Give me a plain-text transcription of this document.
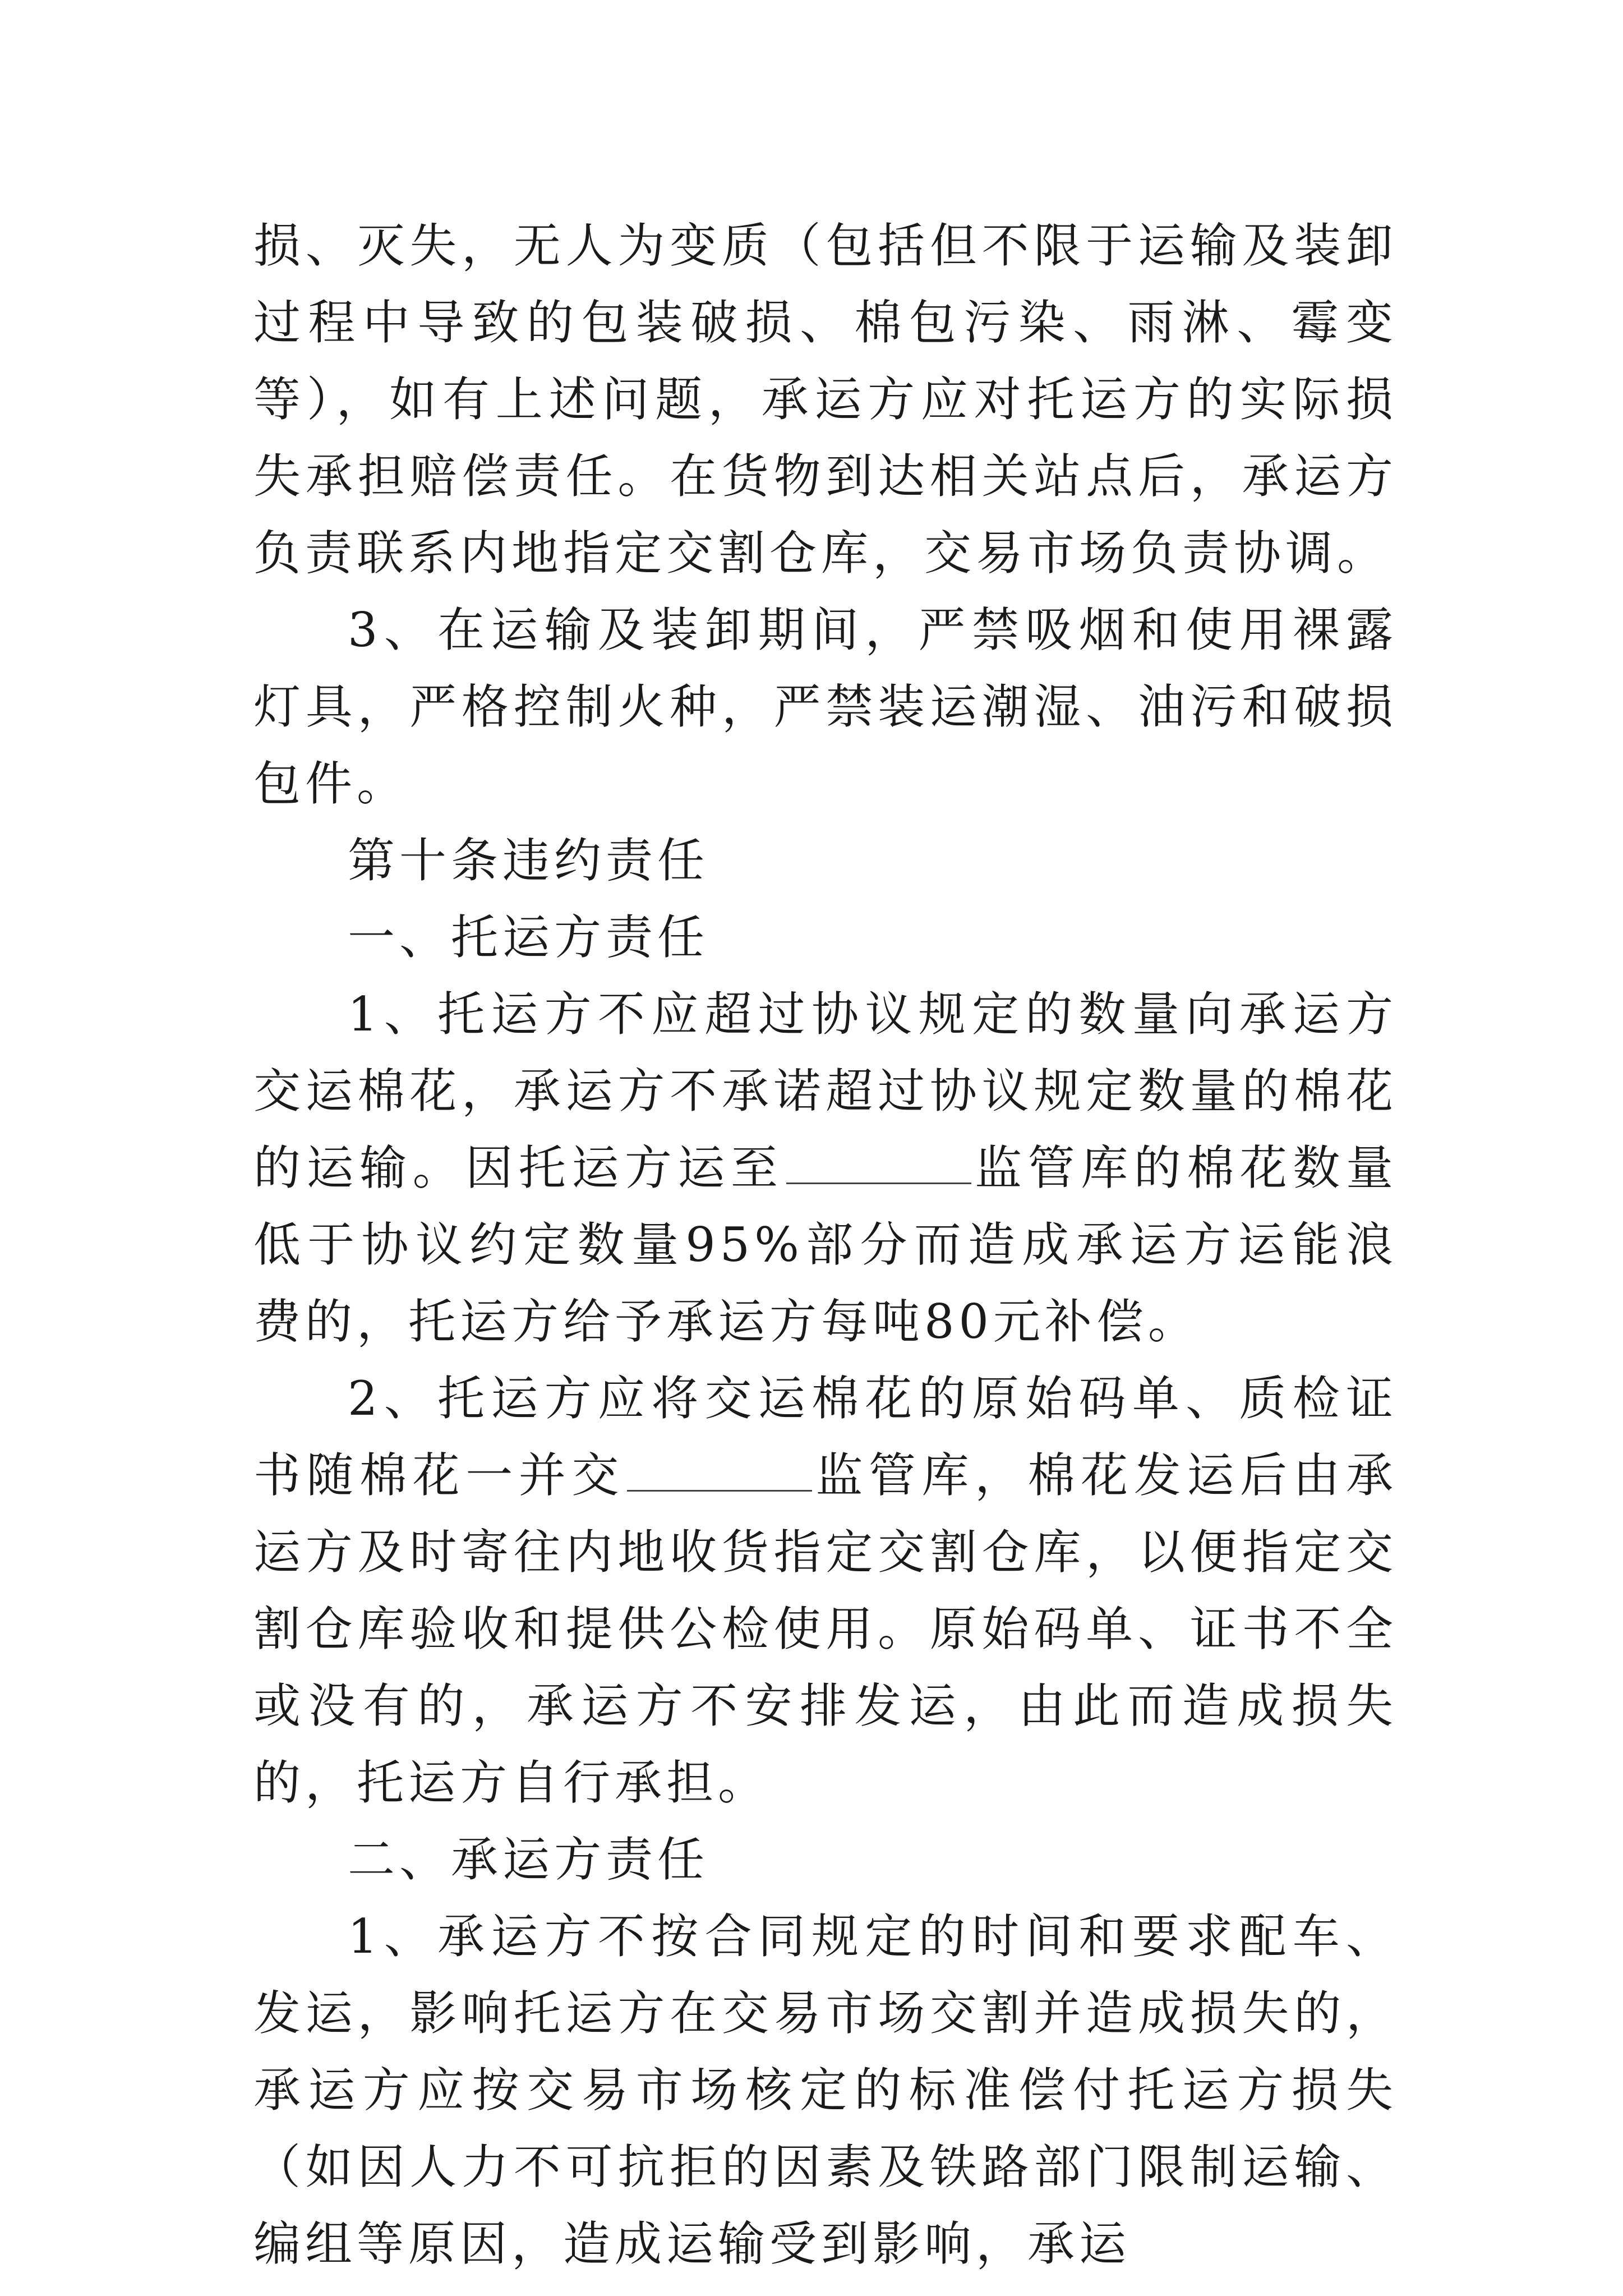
损、灭失，无人为变质（包括但不限于运输及装卸过程中导致的包装破损、棉包污染、雨淋、霉变等），如有上述问题，承运方应对托运方的实际损失承担赔偿责任。在货物到达相关站点后，承运方负责联系内地指定交割仓库，交易市场负责协调。

3、在运输及装卸期间，严禁吸烟和使用裸露灯具，严格控制火种，严禁装运潮湿、油污和破损包件。

第十条违约责任

一、托运方责任

1、托运方不应超过协议规定的数量向承运方交运棉花，承运方不承诺超过协议规定数量的棉花的运输。因托运方运至	监管库的棉花数量低于协议约定数量95%部分而造成承运方运能浪费的，托运方给予承运方每吨80元补偿。

2、托运方应将交运棉花的原始码单、质检证书随棉花一并交	监管库，棉花发运后由承运方及时寄往内地收货指定交割仓库，以便指定交割仓库验收和提供公检使用。原始码单、证书不全或没有的，承运方不安排发运，由此而造成损失的，托运方自行承担。

二、承运方责任

1、承运方不按合同规定的时间和要求配车、发运，影响托运方在交易市场交割并造成损失的，承运方应按交易市场核定的标准偿付托运方损失（如因人力不可抗拒的因素及铁路部门限制运输、编组等原因，造成运输受到影响，承运
